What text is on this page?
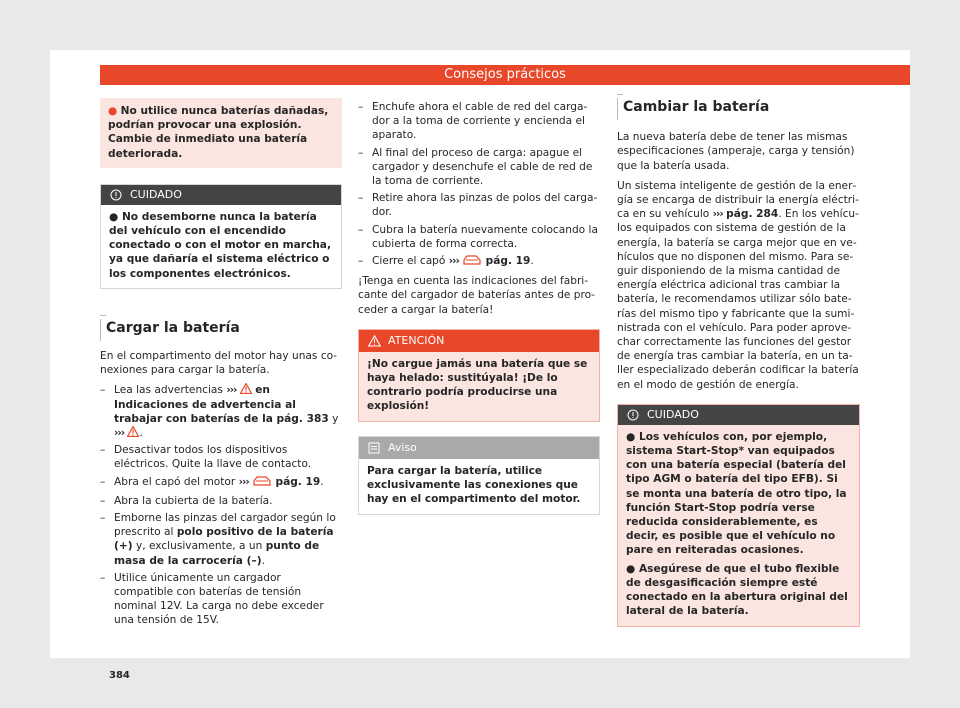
Consejos prácticos
● No utilice nunca baterías dañadas, podrían provocar una explosión. Cambie de inmediato una batería deteriorada.
CUIDADO
● No desemborne nunca la batería del vehículo con el encendido conectado o con el motor en marcha, ya que dañaría el sistema eléctrico o los componentes electrónicos.
Cargar la batería

En el compartimento del motor hay unas conexiones para cargar la batería.

– Lea las advertencias ››› en Indicaciones de advertencia al trabajar con baterías de la pág. 383 y ››› .
– Desactivar todos los dispositivos eléctricos. Quite la llave de contacto.
– Abra el capó del motor ›››	pág. 19.
– Abra la cubierta de la batería.
– Emborne las pinzas del cargador según lo prescrito al polo positivo de la batería (+) y, exclusivamente, a un punto de masa de la carrocería (–).
– Utilice únicamente un cargador compatible con baterías de tensión nominal 12V. La carga no debe exceder una tensión de 15V.
– Enchufe ahora el cable de red del cargador a la toma de corriente y encienda el aparato.
– Al final del proceso de carga: apague el cargador y desenchufe el cable de red de la toma de corriente.
– Retire ahora las pinzas de polos del cargador.
– Cubra la batería nuevamente colocando la cubierta de forma correcta.
– Cierre el capó ›››	pág. 19.

¡Tenga en cuenta las indicaciones del fabricante del cargador de baterías antes de proceder a cargar la batería!

ATENCIÓN
¡No cargue jamás una batería que se haya helado: sustitúyala! ¡De lo contrario podría producirse una explosión!
Aviso
Para cargar la batería, utilice exclusivamente las conexiones que hay en el compartimento del motor.
Cambiar la batería

La nueva batería debe de tener las mismas especificaciones (amperaje, carga y tensión) que la batería usada.

Un sistema inteligente de gestión de la energía se encarga de distribuir la energía eléctrica en su vehículo ››› pág. 284. En los vehículos equipados con sistema de gestión de la energía, la batería se carga mejor que en vehículos que no disponen del mismo. Para seguir disponiendo de la misma cantidad de energía eléctrica adicional tras cambiar la batería, le recomendamos utilizar sólo baterías del mismo tipo y fabricante que la suministrada con el vehículo. Para poder aprovechar correctamente las funciones del gestor de energía tras cambiar la batería, en un taller especializado deberán codificar la batería en el modo de gestión de energía.

CUIDADO
● Los vehículos con, por ejemplo, sistema Start-Stop* van equipados con una batería especial (batería del tipo AGM o batería del tipo EFB). Si se monta una batería de otro tipo, la función Start-Stop podría verse reducida considerablemente, es decir, es posible que el vehículo no pare en reiteradas ocasiones.
● Asegúrese de que el tubo flexible de desgasificación siempre esté conectado en la abertura original del lateral de la batería.
384
